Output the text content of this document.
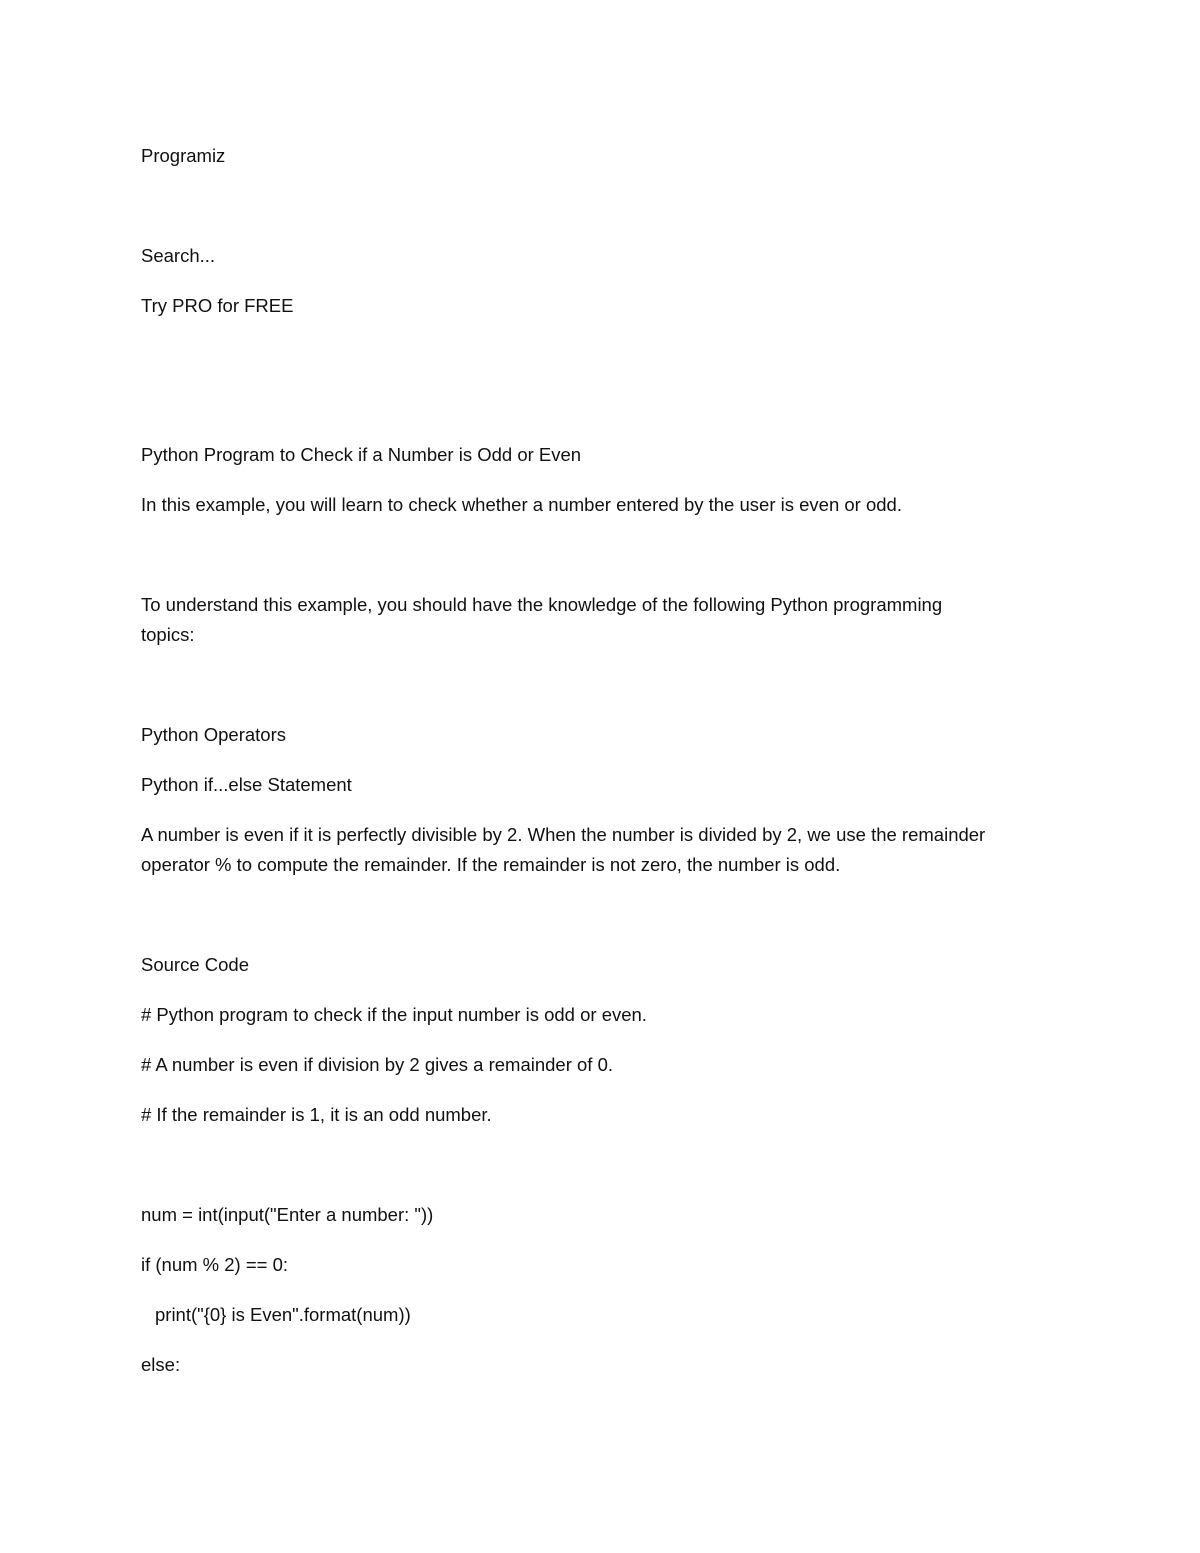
Programiz

Search...

Try PRO for FREE

Python Program to Check if a Number is Odd or Even

In this example, you will learn to check whether a number entered by the user is even or odd.

To understand this example, you should have the knowledge of the following Python programming

topics:

Python Operators

Python if...else Statement

A number is even if it is perfectly divisible by 2. When the number is divided by 2, we use the remainder

operator % to compute the remainder. If the remainder is not zero, the number is odd.

Source Code

# Python program to check if the input number is odd or even.

# A number is even if division by 2 gives a remainder of 0.

# If the remainder is 1, it is an odd number.

num = int(input("Enter a number: "))

if (num % 2) == 0:

print("{0} is Even".format(num))

else:
